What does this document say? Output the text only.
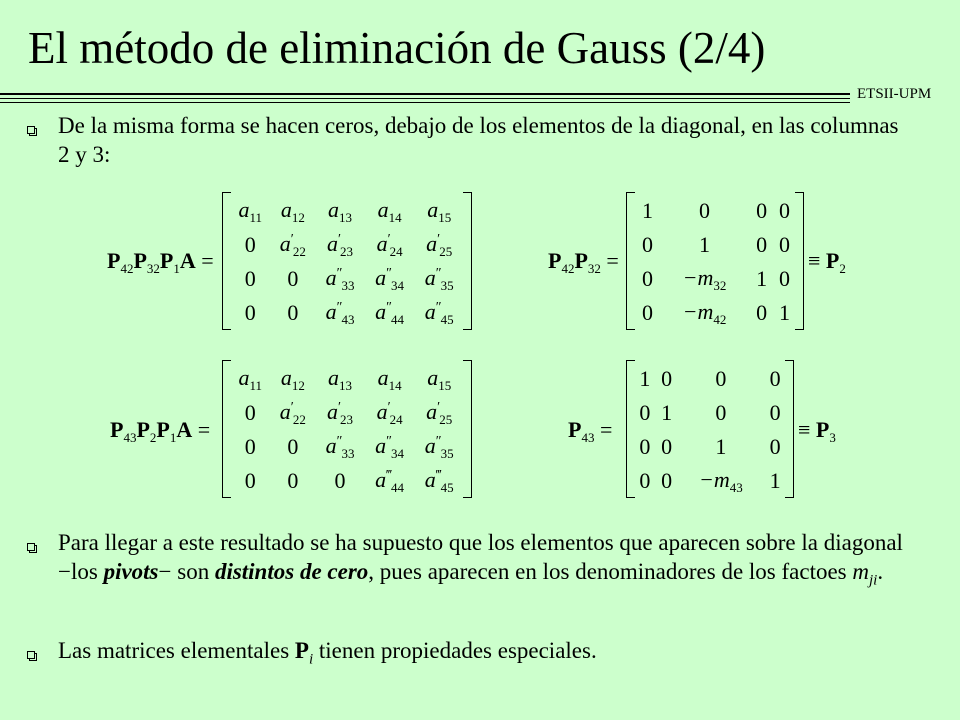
El método de eliminación de Gauss (2/4)
ETSII-UPM
De la misma forma se hacen ceros, debajo de los elementos de la diagonal, en las columnas 2 y 3:
$P_{42}P_{32}P_1A$ =
$a_{11}$	$a_{12}$	$a_{13}$	$a_{14}$	$a_{15}$
0	$a'_{22}$	$a'_{23}$	$a'_{24}$	$a'_{25}$
0	0	$a''_{33}$	$a''_{34}$	$a''_{35}$
0	0	$a''_{43}$	$a''_{44}$	$a''_{45}$
$P_{42}P_{32}$ =
1	0	0	0
0	1	0	0
0	$-m_{32}$	1	0
0	$-m_{42}$	0	1
≡ $P_2$
$P_{43}P_2P_1A$ =
$a_{11}$	$a_{12}$	$a_{13}$	$a_{14}$	$a_{15}$
0	$a'_{22}$	$a'_{23}$	$a'_{24}$	$a'_{25}$
0	0	$a''_{33}$	$a''_{34}$	$a''_{35}$
0	0	0	$a^‴_{44}$	$a^‴_{45}$
$P_{43}$ =
1	0	0	0
0	1	0	0
0	0	1	0
0	0	$-m_{43}$	1
≡ $P_3$
Para llegar a este resultado se ha supuesto que los elementos que aparecen sobre la diagonal −los pivots− son distintos de cero, pues aparecen en los denominadores de los factoes $m_{ji}$.
Las matrices elementales $P_i$ tienen propiedades especiales.
